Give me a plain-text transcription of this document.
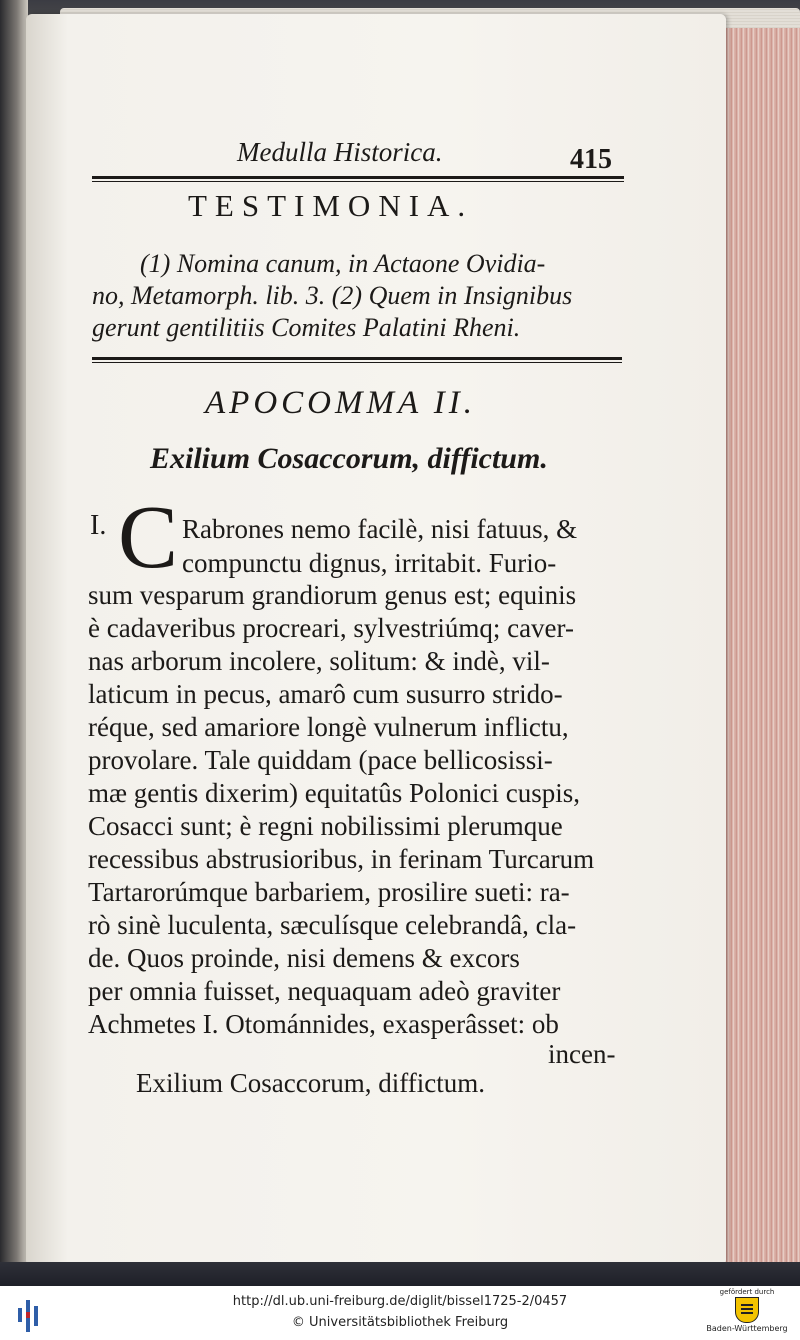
Medulla Historica.	415
TESTIMONIA.
(1) Nomina canum, in Actaone Ovidia-
no, Metamorph. lib. 3. (2) Quem in Insignibus
gerunt gentilitiis Comites Palatini Rheni.
APOCOMMA II.
Exilium Cosaccorum, diffictum.
I. C Rabrones nemo facilè, nisi fatuus, &
compunctu dignus, irritabit. Furio-
sum vesparum grandiorum genus est; equinis
è cadaveribus procreari, sylvestriúmq; caver-
nas arborum incolere, solitum: & indè, vil-
laticum in pecus, amarô cum susurro strido-
réque, sed amariore longè vulnerum inflictu,
provolare. Tale quiddam (pace bellicosissi-
mæ gentis dixerim) equitatûs Polonici cuspis,
Cosacci sunt; è regni nobilissimi plerumque
recessibus abstrusioribus, in ferinam Turcarum
Tartarorúmque barbariem, prosilire sueti: ra-
rò sinè luculenta, sæculísque celebrandâ, cla-
de. Quos proinde, nisi demens & excors
per omnia fuisset, nequaquam adeò graviter
Achmetes I. Otománnides, exasperâsset: ob
incen-
Exilium Cosaccorum, diffictum.
http://dl.ub.uni-freiburg.de/diglit/bissel1725-2/0457
© Universitätsbibliothek Freiburg
gefördert durch
Baden-Württemberg
